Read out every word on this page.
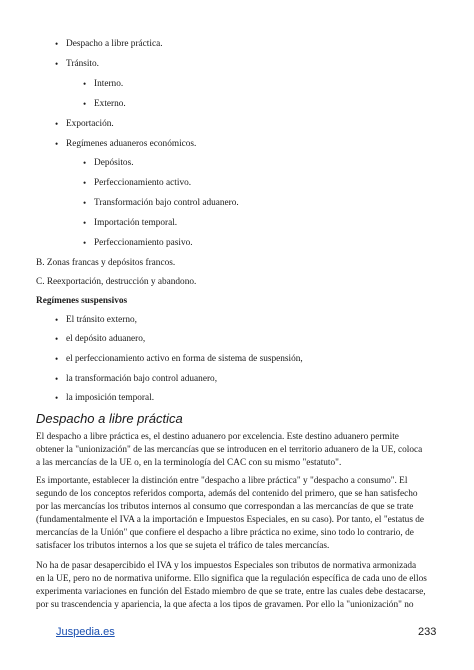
• Despacho a libre práctica.
• Tránsito.
• Interno.
• Externo.
• Exportación.
• Regímenes aduaneros económicos.
• Depósitos.
• Perfeccionamiento activo.
• Transformación bajo control aduanero.
• Importación temporal.
• Perfeccionamiento pasivo.
B. Zonas francas y depósitos francos.
C. Reexportación, destrucción y abandono.
Regímenes suspensivos
• El tránsito externo,
• el depósito aduanero,
• el perfeccionamiento activo en forma de sistema de suspensión,
• la transformación bajo control aduanero,
• la imposición temporal.
Despacho a libre práctica
El despacho a libre práctica es, el destino aduanero por excelencia. Este destino aduanero permite
obtener la "unionización" de las mercancías que se introducen en el territorio aduanero de la UE, coloca
a las mercancías de la UE o, en la terminología del CAC con su mismo "estatuto".
Es importante, establecer la distinción entre "despacho a libre práctica" y "despacho a consumo". El
segundo de los conceptos referidos comporta, además del contenido del primero, que se han satisfecho
por las mercancías los tributos internos al consumo que correspondan a las mercancías de que se trate
(fundamentalmente el IVA a la importación e Impuestos Especiales, en su caso). Por tanto, el "estatus de
mercancías de la Unión" que confiere el despacho a libre práctica no exime, sino todo lo contrario, de
satisfacer los tributos internos a los que se sujeta el tráfico de tales mercancías.
No ha de pasar desapercibido el IVA y los impuestos Especiales son tributos de normativa armonizada
en la UE, pero no de normativa uniforme. Ello significa que la regulación específica de cada uno de ellos
experimenta variaciones en función del Estado miembro de que se trate, entre las cuales debe destacarse,
por su trascendencia y apariencia, la que afecta a los tipos de gravamen. Por ello la "unionización" no
Juspedia.es	233
